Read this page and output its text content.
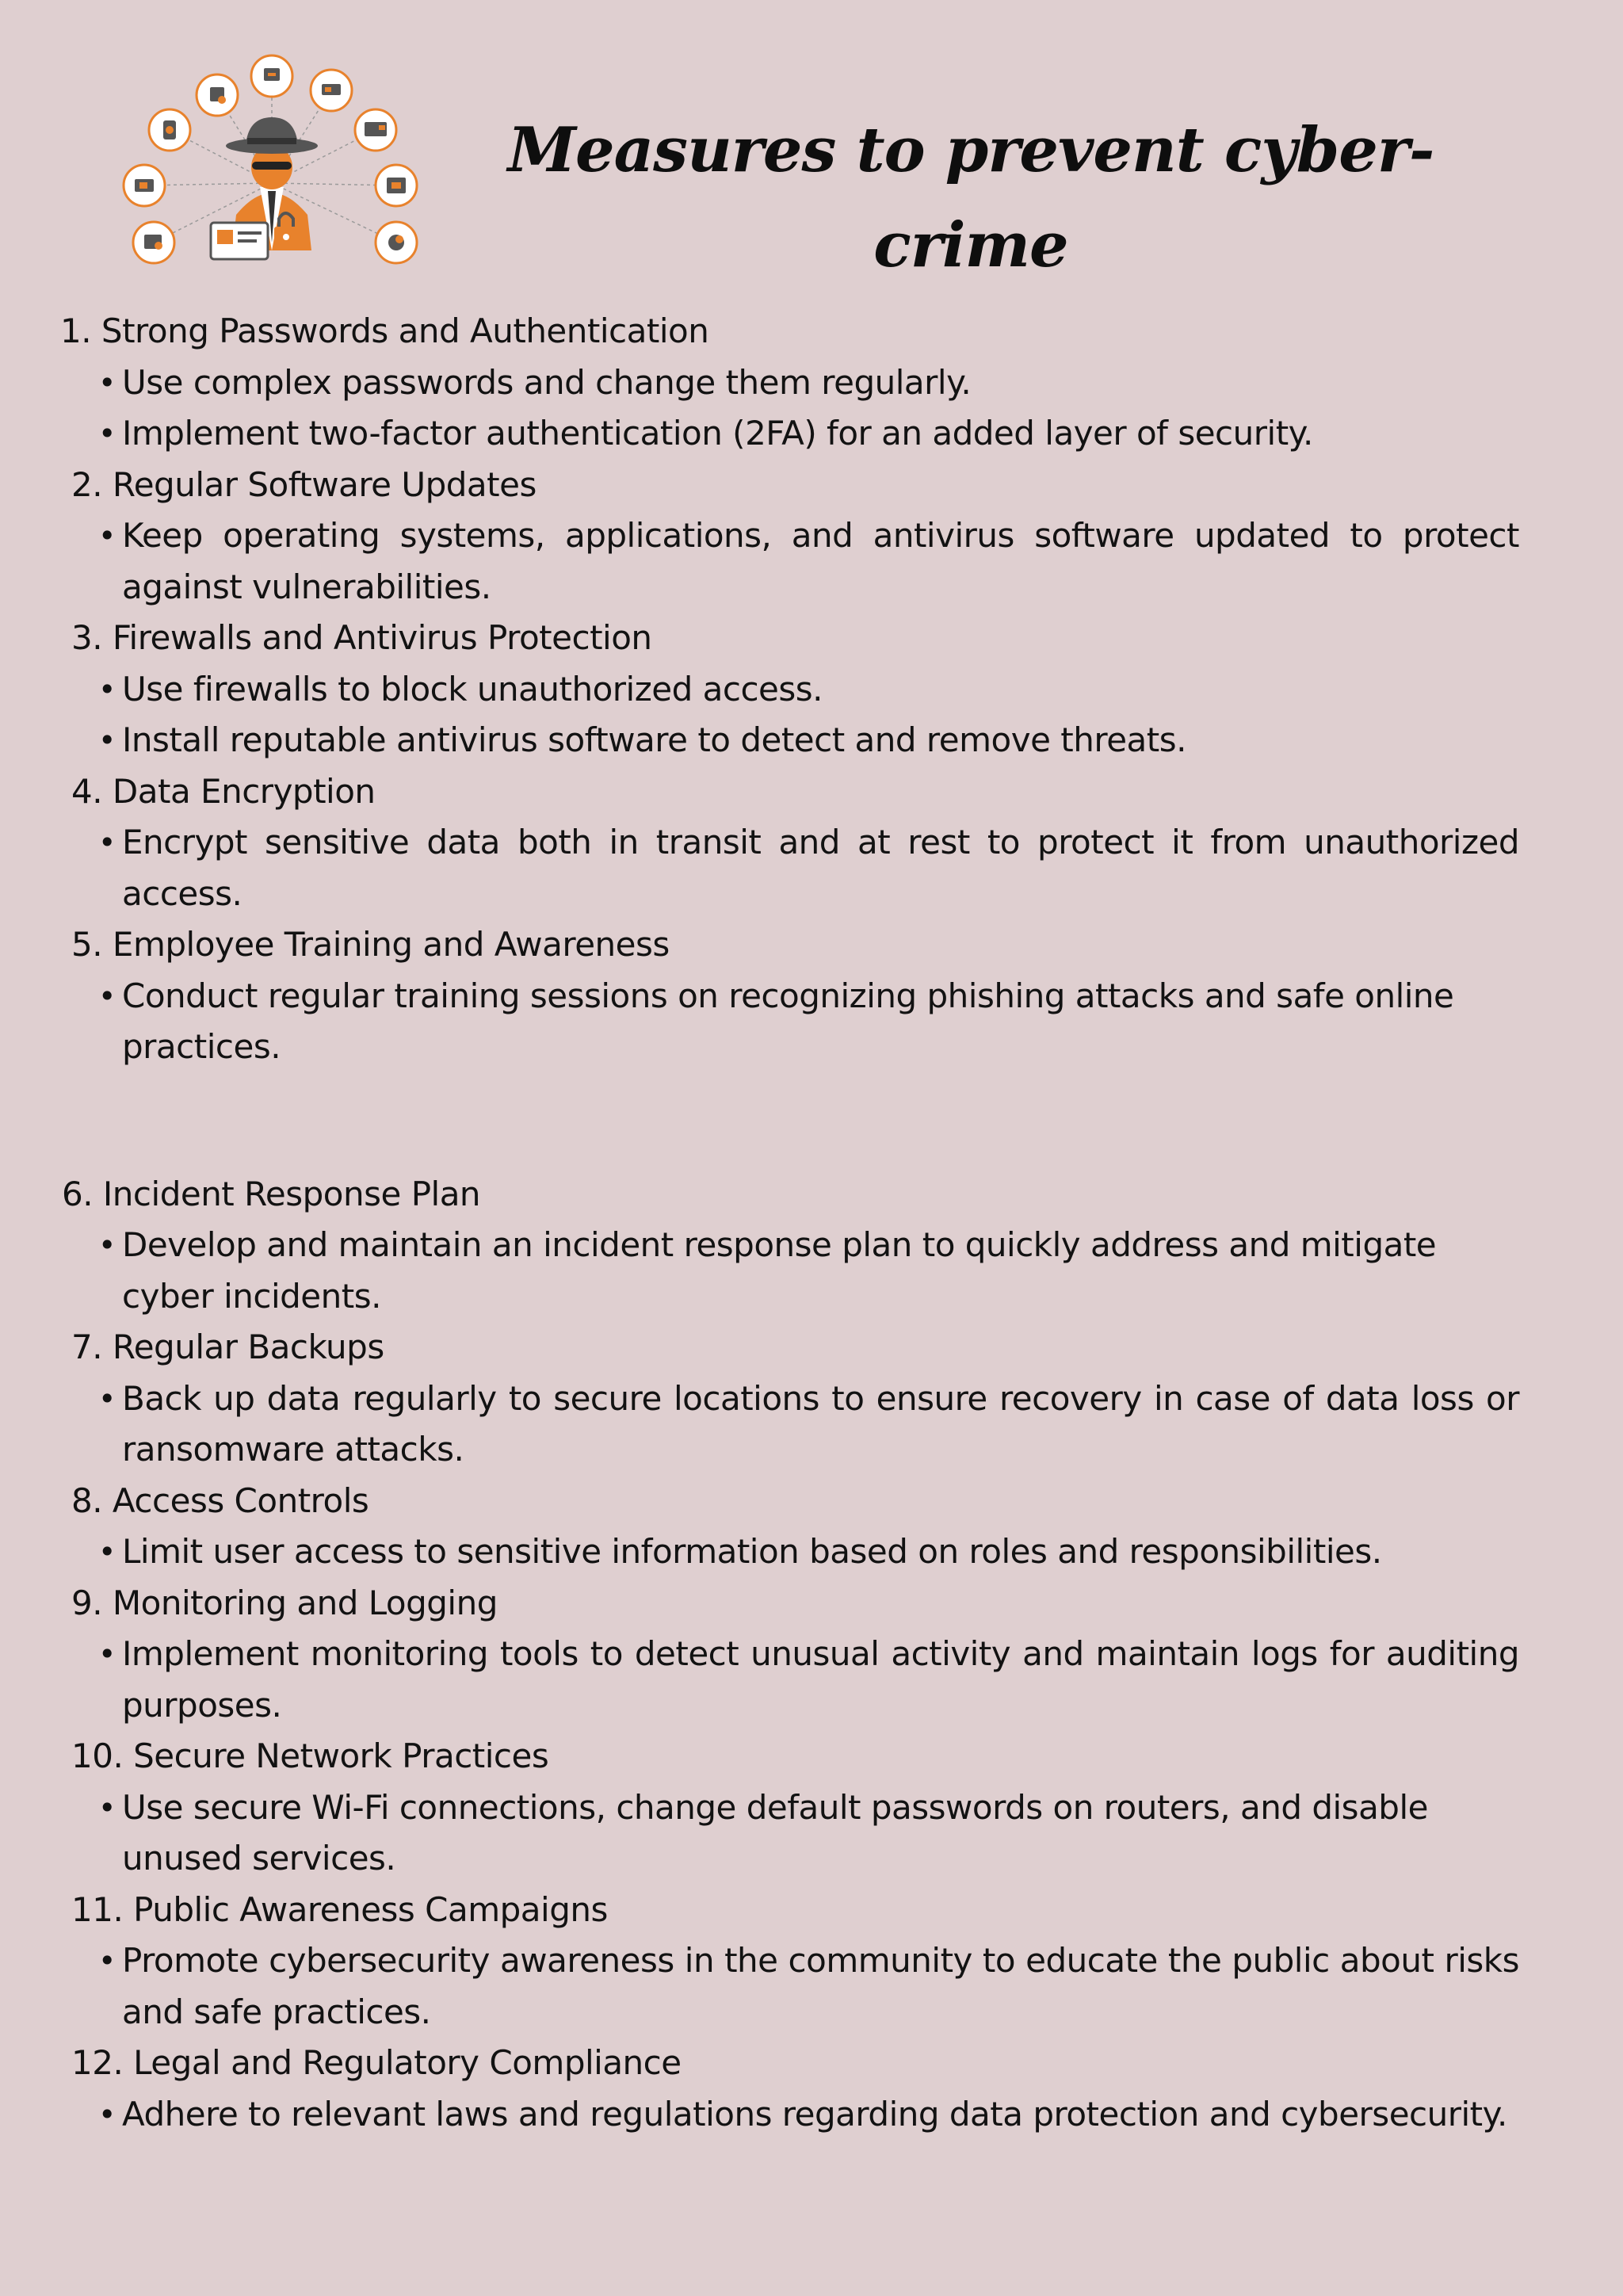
Measures to prevent cyber-crime
1. Strong Passwords and Authentication
• Use complex passwords and change them regularly.
• Implement two-factor authentication (2FA) for an added layer of security.
2. Regular Software Updates
• Keep operating systems, applications, and antivirus software updated to protect against vulnerabilities.
3. Firewalls and Antivirus Protection
• Use firewalls to block unauthorized access.
• Install reputable antivirus software to detect and remove threats.
4. Data Encryption
• Encrypt sensitive data both in transit and at rest to protect it from unauthorized access.
5. Employee Training and Awareness
• Conduct regular training sessions on recognizing phishing attacks and safe online practices.
6. Incident Response Plan
• Develop and maintain an incident response plan to quickly address and mitigate cyber incidents.
7. Regular Backups
• Back up data regularly to secure locations to ensure recovery in case of data loss or ransomware attacks.
8. Access Controls
• Limit user access to sensitive information based on roles and responsibilities.
9. Monitoring and Logging
• Implement monitoring tools to detect unusual activity and maintain logs for auditing purposes.
10. Secure Network Practices
• Use secure Wi-Fi connections, change default passwords on routers, and disable unused services.
11. Public Awareness Campaigns
• Promote cybersecurity awareness in the community to educate the public about risks and safe practices.
12. Legal and Regulatory Compliance
• Adhere to relevant laws and regulations regarding data protection and cybersecurity.
